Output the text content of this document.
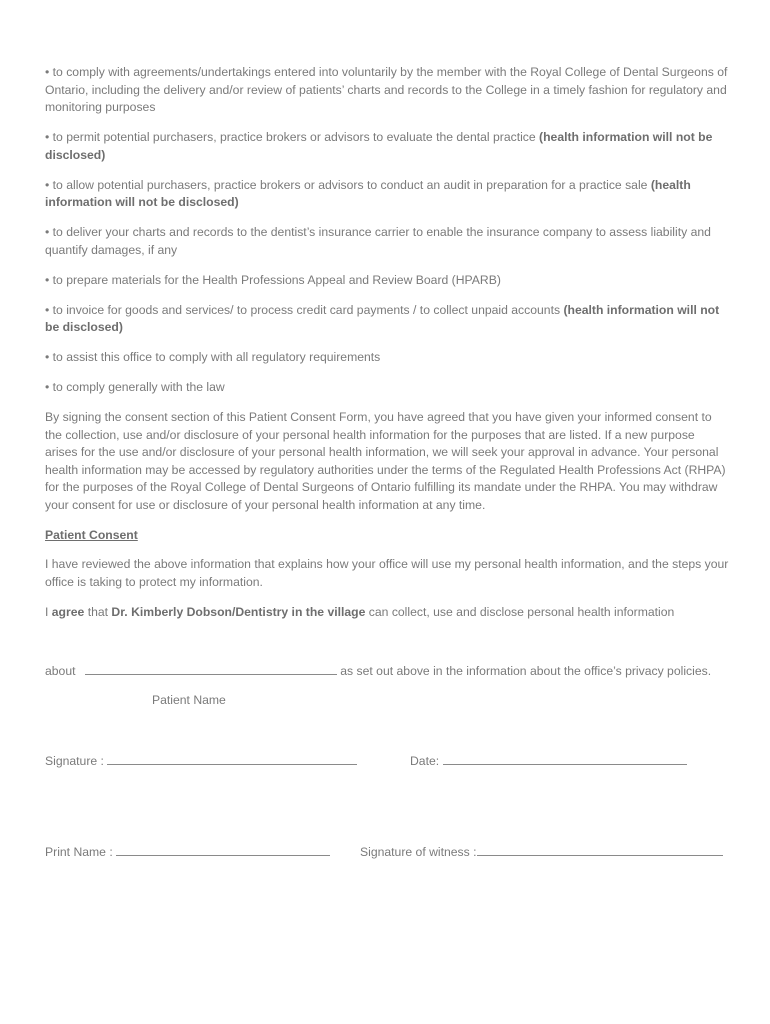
• to comply with agreements/undertakings entered into voluntarily by the member with the Royal College of Dental Surgeons of Ontario, including the delivery and/or review of patients’ charts and records to the College in a timely fashion for regulatory and monitoring purposes

• to permit potential purchasers, practice brokers or advisors to evaluate the dental practice (health information will not be disclosed)

• to allow potential purchasers, practice brokers or advisors to conduct an audit in preparation for a practice sale (health information will not be disclosed)

• to deliver your charts and records to the dentist’s insurance carrier to enable the insurance company to assess liability and quantify damages, if any

• to prepare materials for the Health Professions Appeal and Review Board (HPARB)

• to invoice for goods and services/ to process credit card payments / to collect unpaid accounts (health information will not be disclosed)

• to assist this office to comply with all regulatory requirements

• to comply generally with the law

By signing the consent section of this Patient Consent Form, you have agreed that you have given your informed consent to the collection, use and/or disclosure of your personal health information for the purposes that are listed. If a new purpose arises for the use and/or disclosure of your personal health information, we will seek your approval in advance. Your personal health information may be accessed by regulatory authorities under the terms of the Regulated Health Professions Act (RHPA) for the purposes of the Royal College of Dental Surgeons of Ontario fulfilling its mandate under the RHPA. You may withdraw your consent for use or disclosure of your personal health information at any time.

Patient Consent

I have reviewed the above information that explains how your office will use my personal health information, and the steps your office is taking to protect my information.

I agree that Dr. Kimberly Dobson/Dentistry in the village can collect, use and disclose personal health information

about	as set out above in the information about the office’s privacy policies.
Patient Name
Signature :	Date:
Print Name :	Signature of witness :
